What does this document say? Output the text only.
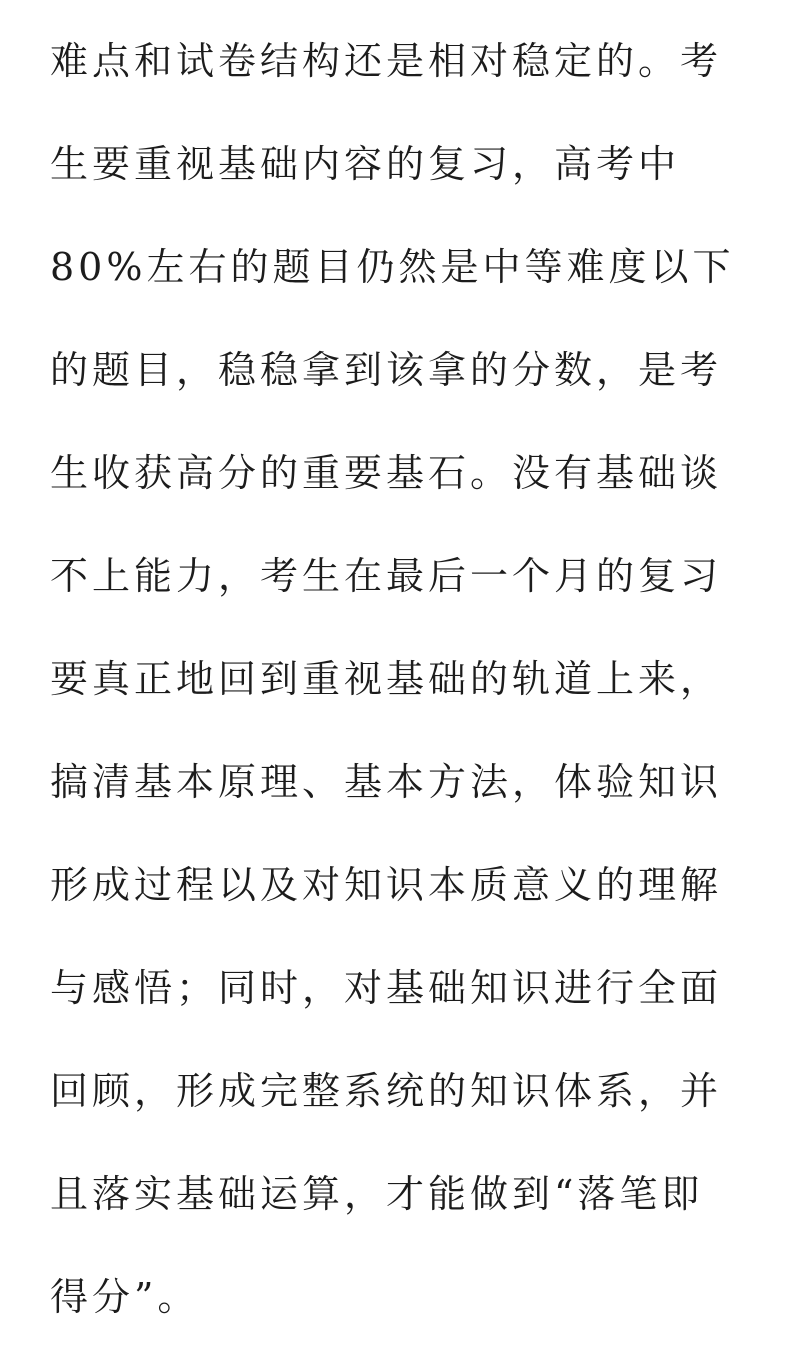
难点和试卷结构还是相对稳定的。考
生要重视基础内容的复习，高考中
80%左右的题目仍然是中等难度以下
的题目，稳稳拿到该拿的分数，是考
生收获高分的重要基石。没有基础谈
不上能力，考生在最后一个月的复习
要真正地回到重视基础的轨道上来，
搞清基本原理、基本方法，体验知识
形成过程以及对知识本质意义的理解
与感悟；同时，对基础知识进行全面
回顾，形成完整系统的知识体系，并
且落实基础运算，才能做到“落笔即
得分”。
